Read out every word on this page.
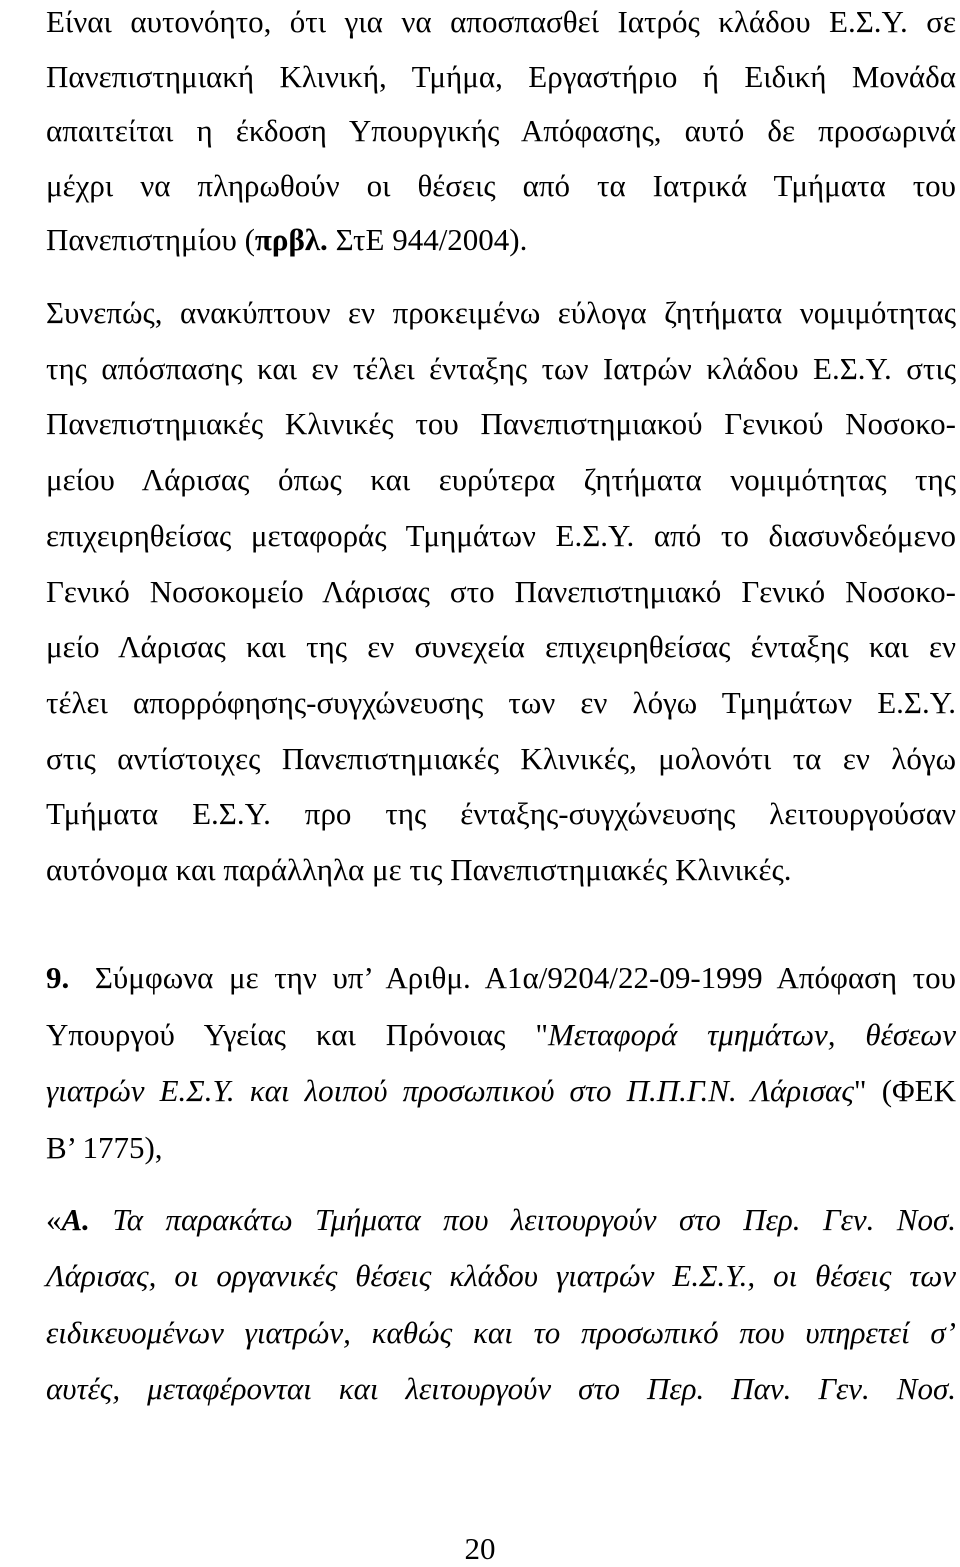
Είναι αυτονόητο, ότι για να αποσπασθεί Ιατρός κλάδου Ε.Σ.Υ. σε
Πανεπιστημιακή Κλινική, Τμήμα, Εργαστήριο ή Ειδική Μονάδα
απαιτείται η έκδοση Υπουργικής Απόφασης, αυτό δε προσωρινά
μέχρι να πληρωθούν οι θέσεις από τα Ιατρικά Τμήματα του
Πανεπιστημίου (πρβλ. ΣτΕ 944/2004).
Συνεπώς, ανακύπτουν εν προκειμένω εύλογα ζητήματα νομιμότητας
της απόσπασης και εν τέλει ένταξης των Ιατρών κλάδου Ε.Σ.Υ. στις
Πανεπιστημιακές Κλινικές του Πανεπιστημιακού Γενικού Νοσοκο-
μείου Λάρισας όπως και ευρύτερα ζητήματα νομιμότητας της
επιχειρηθείσας μεταφοράς Τμημάτων Ε.Σ.Υ. από το διασυνδεόμενο
Γενικό Νοσοκομείο Λάρισας στο Πανεπιστημιακό Γενικό Νοσοκο-
μείο Λάρισας και της εν συνεχεία επιχειρηθείσας ένταξης και εν
τέλει απορρόφησης-συγχώνευσης των εν λόγω Τμημάτων Ε.Σ.Υ.
στις αντίστοιχες Πανεπιστημιακές Κλινικές, μολονότι τα εν λόγω
Τμήματα Ε.Σ.Υ. προ της ένταξης-συγχώνευσης λειτουργούσαν
αυτόνομα και παράλληλα με τις Πανεπιστημιακές Κλινικές.
9. Σύμφωνα με την υπ’ Αριθμ. Α1α/9204/22-09-1999 Απόφαση του
Υπουργού Υγείας και Πρόνοιας "Μεταφορά τμημάτων, θέσεων
γιατρών Ε.Σ.Υ. και λοιπού προσωπικού στο Π.Π.Γ.Ν. Λάρισας" (ΦΕΚ
Β’ 1775),
«Α. Τα παρακάτω Τμήματα που λειτουργούν στο Περ. Γεν. Νοσ.
Λάρισας, οι οργανικές θέσεις κλάδου γιατρών Ε.Σ.Υ., οι θέσεις των
ειδικευομένων γιατρών, καθώς και το προσωπικό που υπηρετεί σ’
αυτές, μεταφέρονται και λειτουργούν στο Περ. Παν. Γεν. Νοσ.
20
